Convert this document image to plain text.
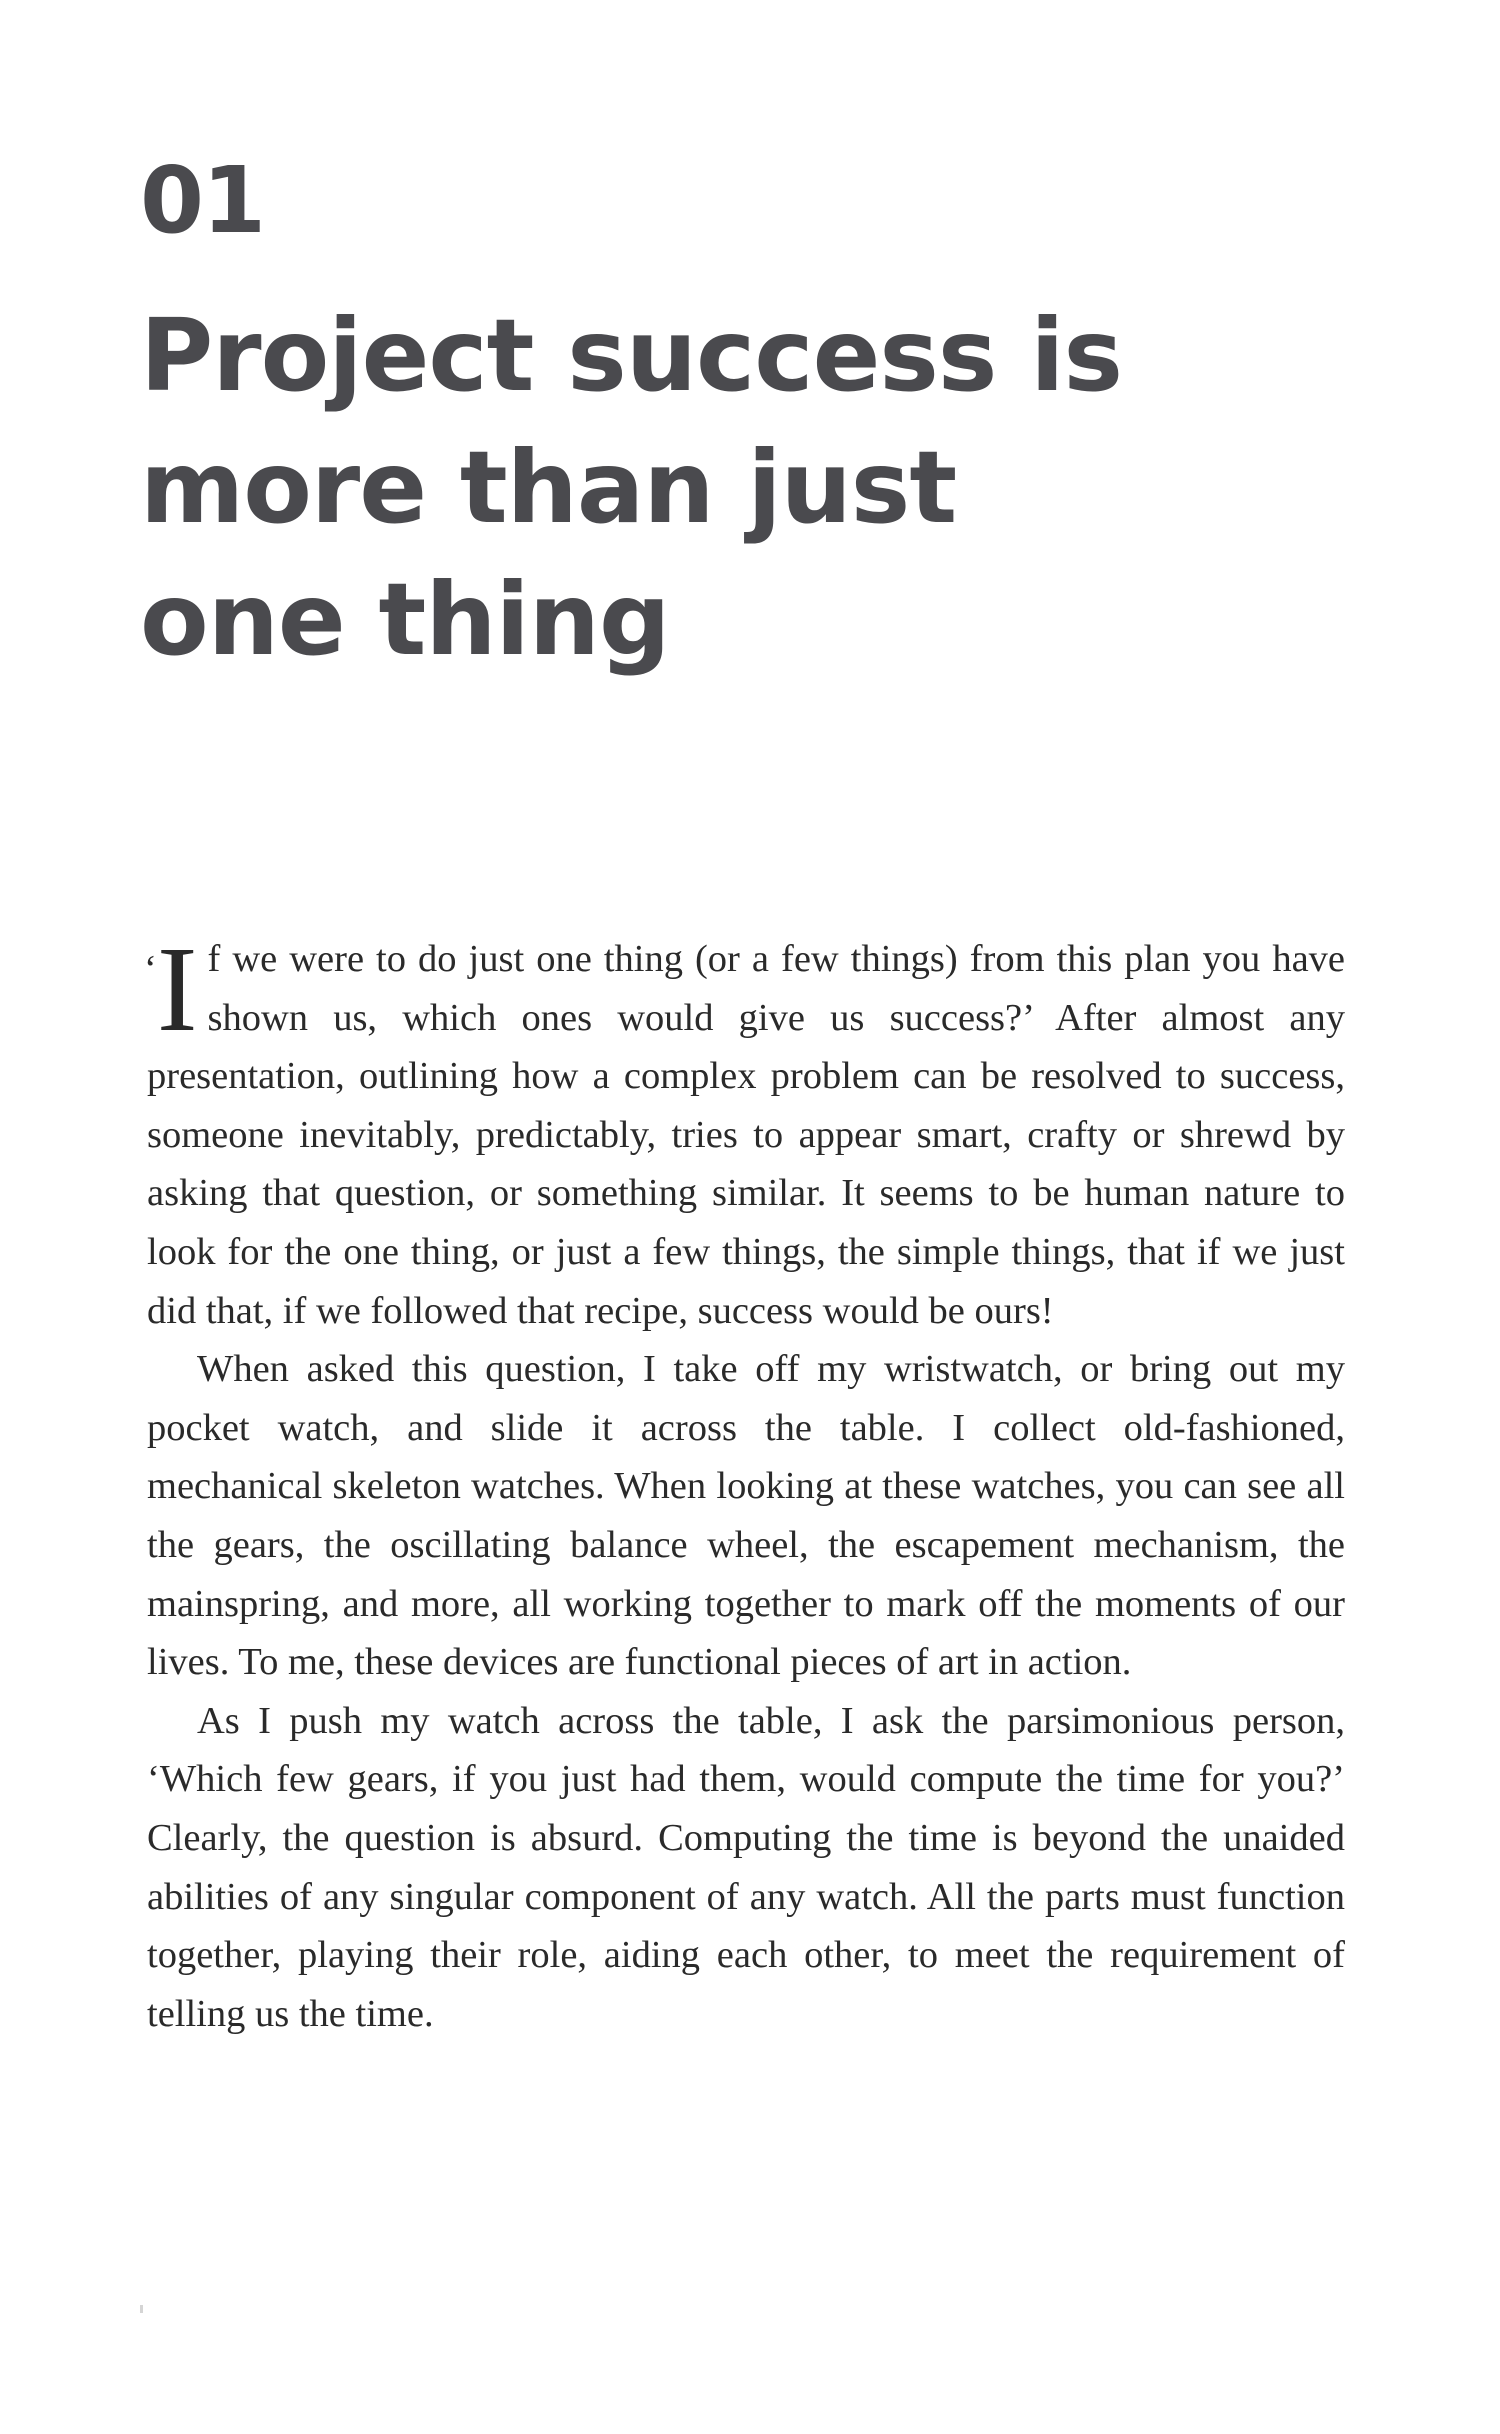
01
Project success is
more than just
one thing

‘I f we were to do just one thing (or a few things) from this plan you have shown us, which ones would give us success?’ After almost any presentation, outlining how a complex problem can be resolved to success, someone inevitably, predictably, tries to appear smart, crafty or shrewd by asking that question, or something similar. It seems to be human nature to look for the one thing, or just a few things, the simple things, that if we just did that, if we followed that recipe, success would be ours!

When asked this question, I take off my wristwatch, or bring out my pocket watch, and slide it across the table. I collect old-fashioned, mechanical skeleton watches. When looking at these watches, you can see all the gears, the oscillating balance wheel, the escapement mechanism, the mainspring, and more, all working together to mark off the moments of our lives. To me, these devices are functional pieces of art in action.

As I push my watch across the table, I ask the parsimonious person, ‘Which few gears, if you just had them, would compute the time for you?’ Clearly, the question is absurd. Computing the time is beyond the unaided abilities of any singular component of any watch. All the parts must function together, playing their role, aiding each other, to meet the requirement of telling us the time.
